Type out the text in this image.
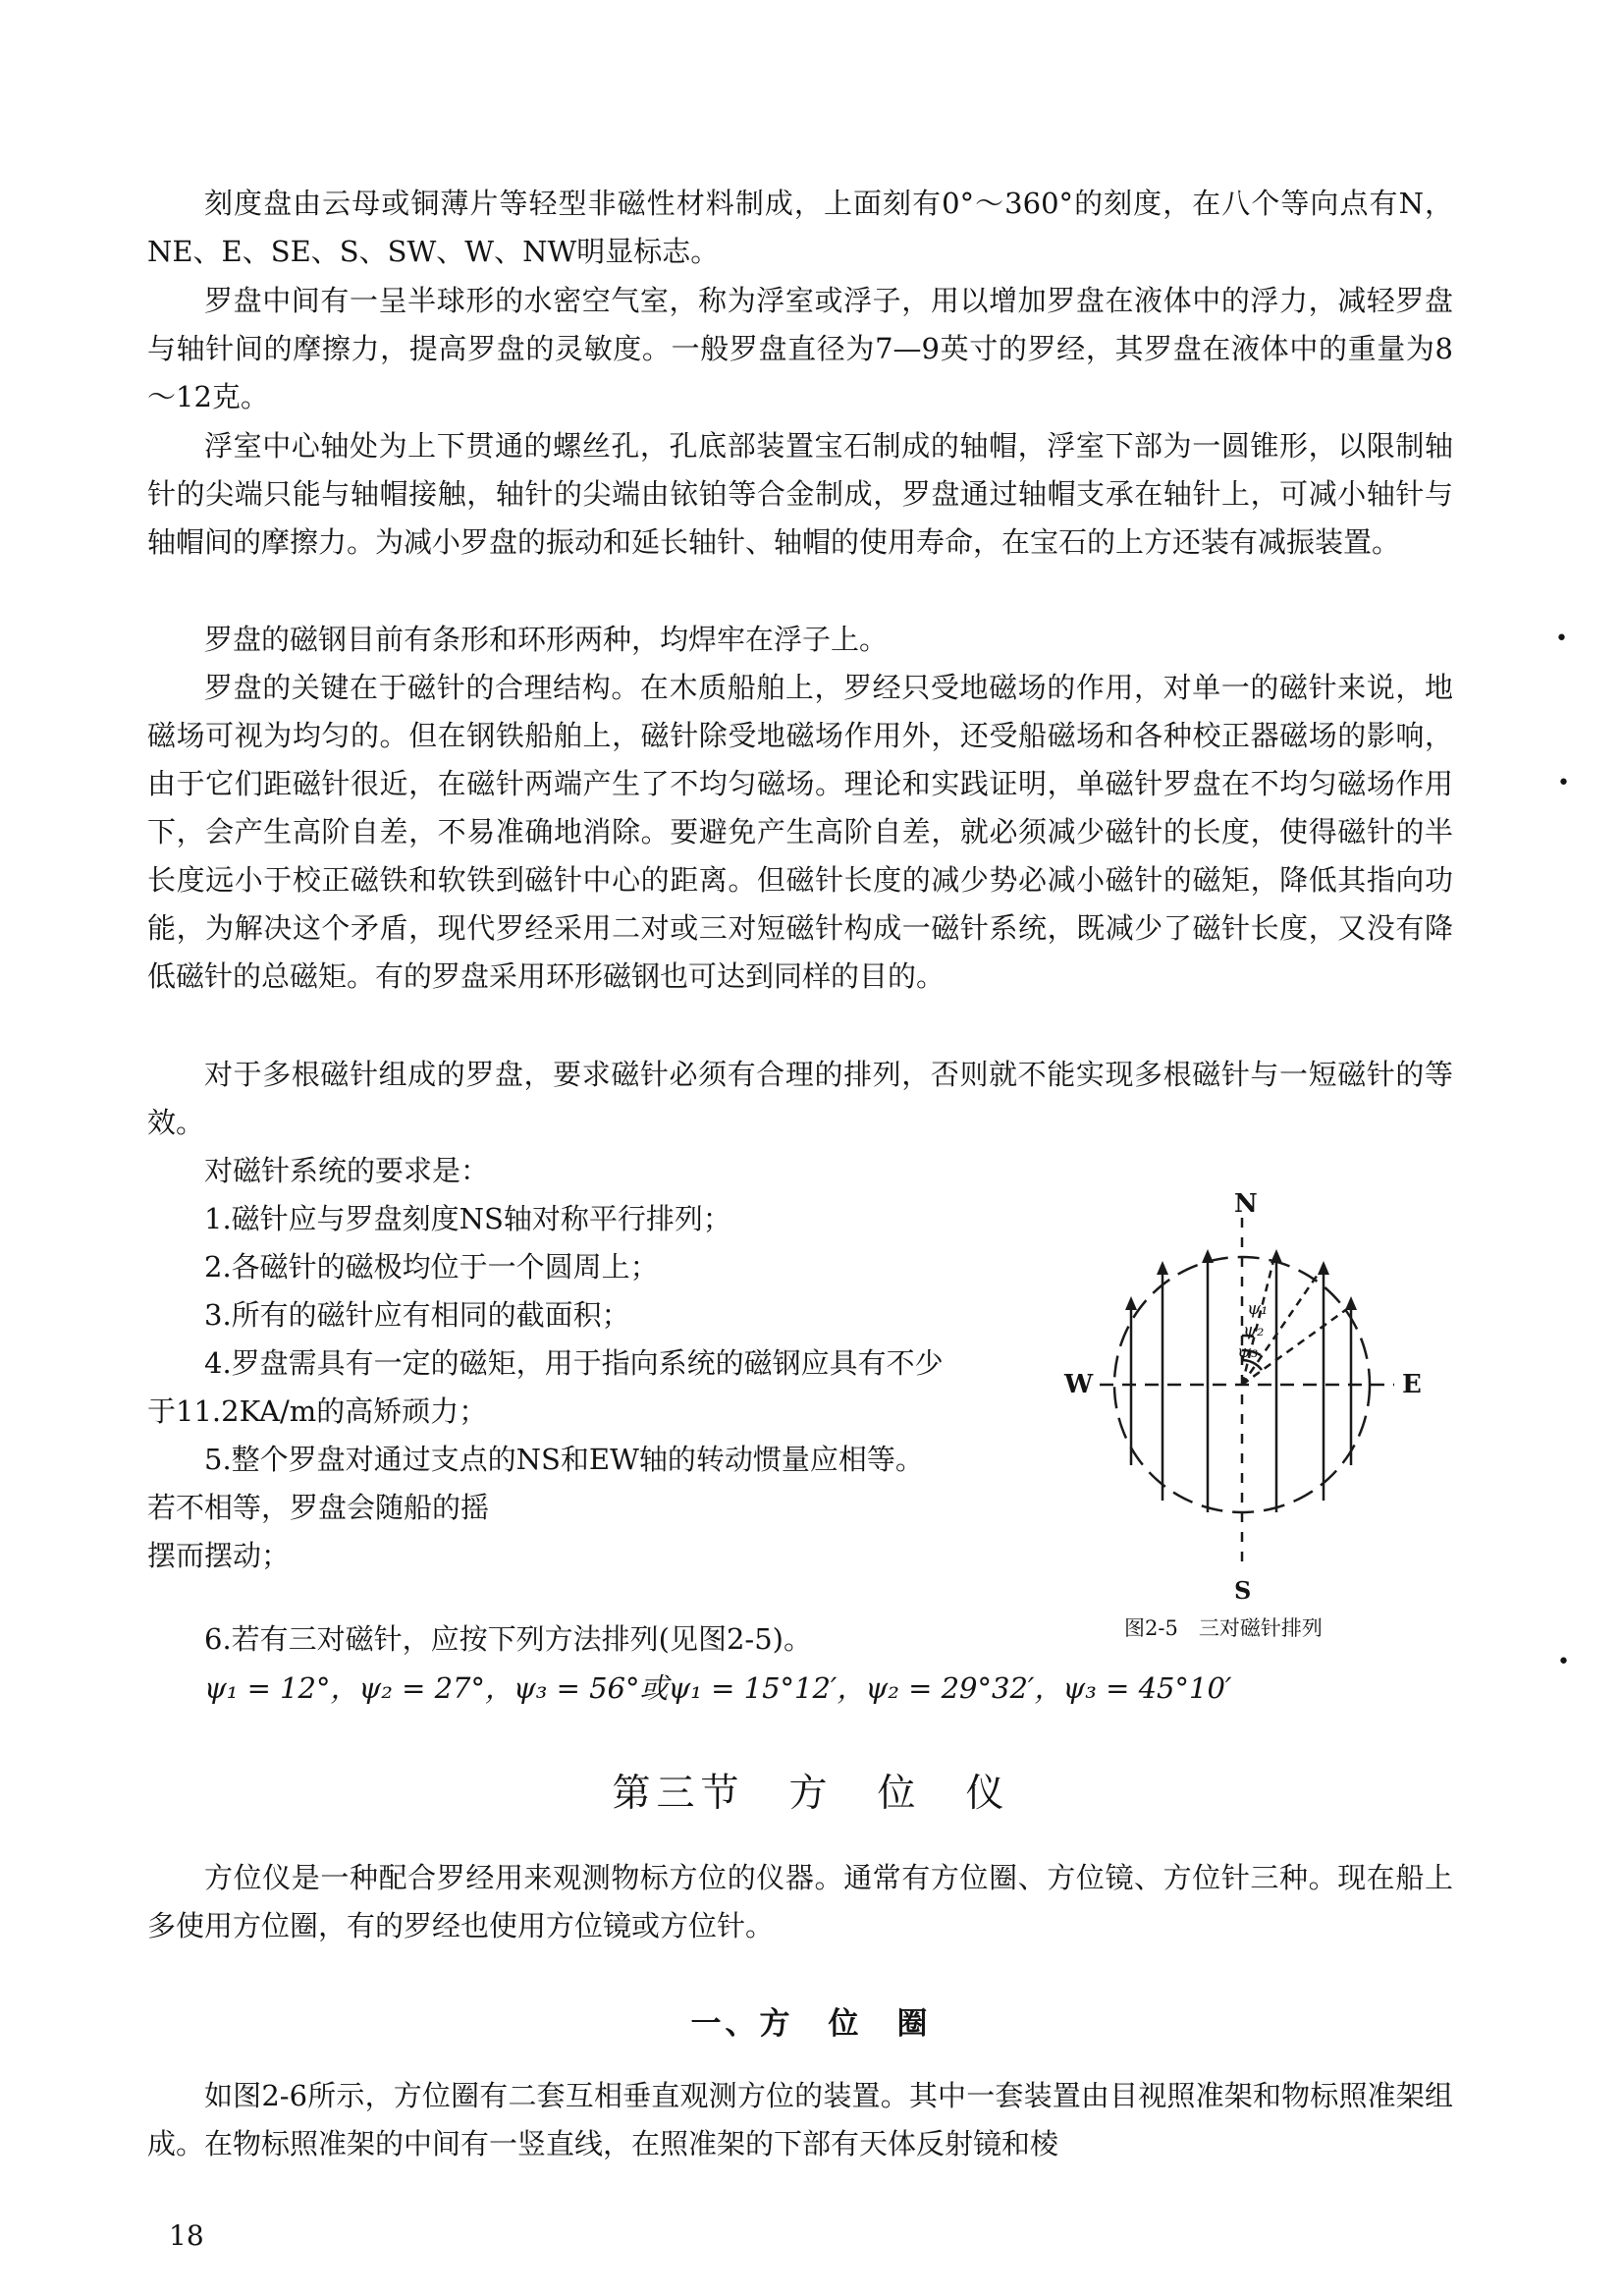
刻度盘由云母或铜薄片等轻型非磁性材料制成，上面刻有0°～360°的刻度，在八个等向点有N，NE、E、SE、S、SW、W、NW明显标志。

罗盘中间有一呈半球形的水密空气室，称为浮室或浮子，用以增加罗盘在液体中的浮力，减轻罗盘与轴针间的摩擦力，提高罗盘的灵敏度。一般罗盘直径为7—9英寸的罗经，其罗盘在液体中的重量为8～12克。

浮室中心轴处为上下贯通的螺丝孔，孔底部装置宝石制成的轴帽，浮室下部为一圆锥形，以限制轴针的尖端只能与轴帽接触，轴针的尖端由铱铂等合金制成，罗盘通过轴帽支承在轴针上，可减小轴针与轴帽间的摩擦力。为减小罗盘的振动和延长轴针、轴帽的使用寿命，在宝石的上方还装有减振装置。

罗盘的磁钢目前有条形和环形两种，均焊牢在浮子上。

罗盘的关键在于磁针的合理结构。在木质船舶上，罗经只受地磁场的作用，对单一的磁针来说，地磁场可视为均匀的。但在钢铁船舶上，磁针除受地磁场作用外，还受船磁场和各种校正器磁场的影响，由于它们距磁针很近，在磁针两端产生了不均匀磁场。理论和实践证明，单磁针罗盘在不均匀磁场作用下，会产生高阶自差，不易准确地消除。要避免产生高阶自差，就必须减少磁针的长度，使得磁针的半长度远小于校正磁铁和软铁到磁针中心的距离。但磁针长度的减少势必减小磁针的磁矩，降低其指向功能，为解决这个矛盾，现代罗经采用二对或三对短磁针构成一磁针系统，既减少了磁针长度，又没有降低磁针的总磁矩。有的罗盘采用环形磁钢也可达到同样的目的。

对于多根磁针组成的罗盘，要求磁针必须有合理的排列，否则就不能实现多根磁针与一短磁针的等效。

对磁针系统的要求是：

1.磁针应与罗盘刻度NS轴对称平行排列；

2.各磁针的磁极均位于一个圆周上；

3.所有的磁针应有相同的截面积；

4.罗盘需具有一定的磁矩，用于指向系统的磁钢应具有不少

于11.2KA/m的高矫顽力；

5.整个罗盘对通过支点的NS和EW轴的转动惯量应相等。

若不相等，罗盘会随船的摇

摆而摆动；

6.若有三对磁针，应按下列方法排列(见图2-5)。

ψ₁ = 12°，ψ₂ = 27°，ψ₃ = 56°或ψ₁ = 15°12′，ψ₂ = 29°32′，ψ₃ = 45°10′

N
S
W	E
ψ₁
ψ₂
ψ₃

图2-5　三对磁针排列

第三节　方　位　仪

方位仪是一种配合罗经用来观测物标方位的仪器。通常有方位圈、方位镜、方位针三种。现在船上多使用方位圈，有的罗经也使用方位镜或方位针。

一、方　位　圈

如图2-6所示，方位圈有二套互相垂直观测方位的装置。其中一套装置由目视照准架和物标照准架组成。在物标照准架的中间有一竖直线，在照准架的下部有天体反射镜和棱

18

•
•
•
